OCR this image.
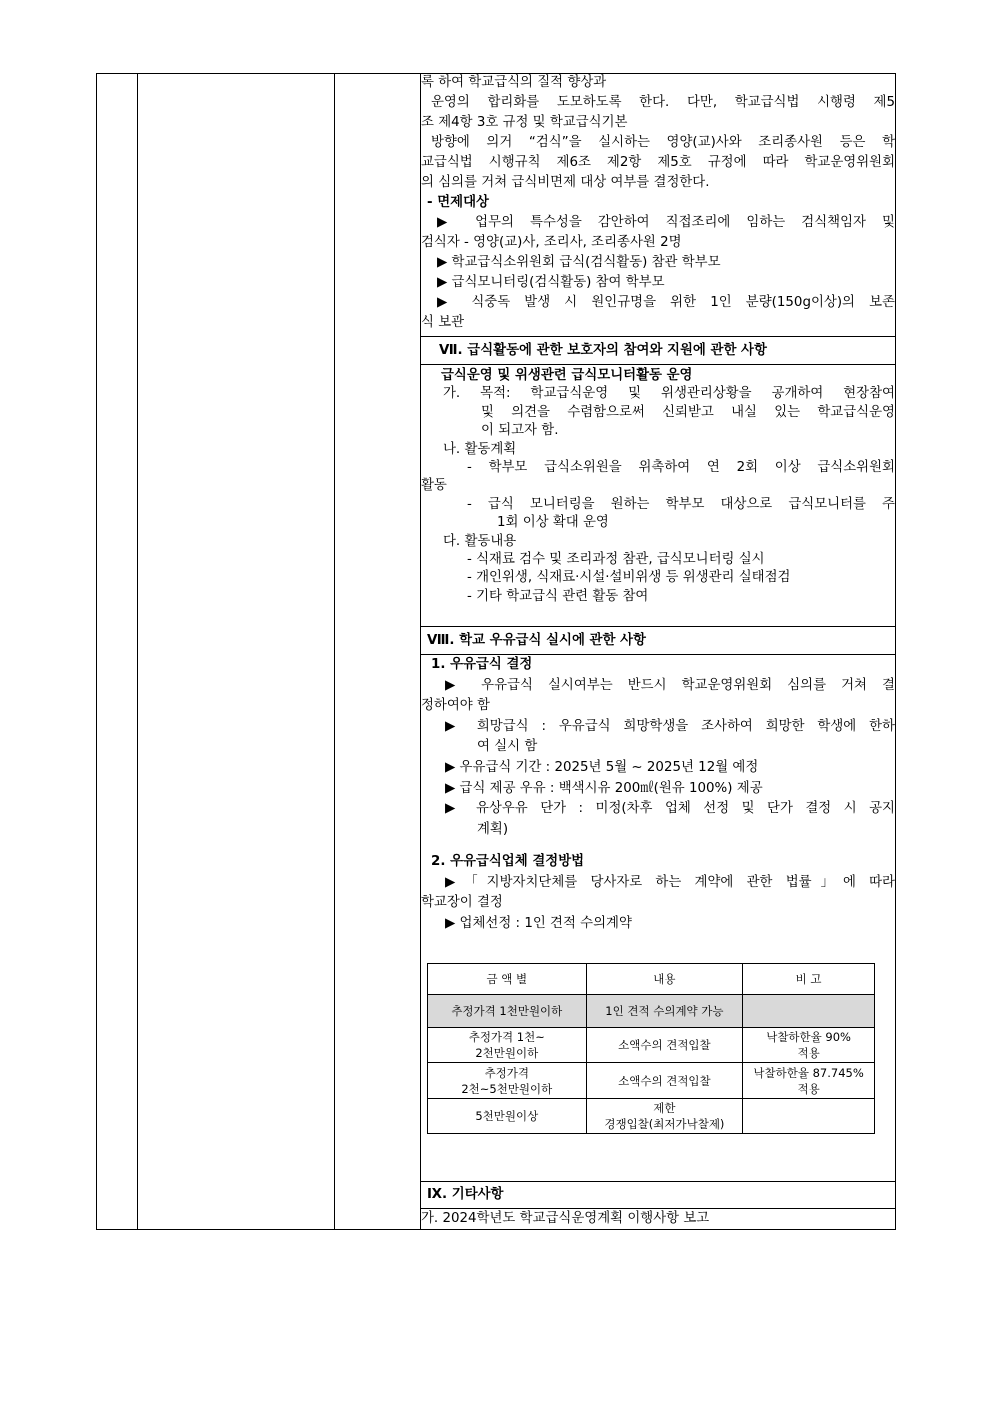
록 하여 학교급식의 질적 향상과

운영의 합리화를 도모하도록 한다. 다만, 학교급식법 시행령 제5

조 제4항 3호 규정 및 학교급식기본

방향에 의거 “검식”을 실시하는 영양(교)사와 조리종사원 등은 학

교급식법 시행규칙 제6조 제2항 제5호 규정에 따라 학교운영위원회

의 심의를 거쳐 급식비면제 대상 여부를 결정한다.

- 면제대상

▶ 업무의 특수성을 감안하여 직접조리에 임하는 검식책임자 및

검식자 - 영양(교)사, 조리사, 조리종사원 2명

▶ 학교급식소위원회 급식(검식활동) 참관 학부모

▶ 급식모니터링(검식활동) 참여 학부모

▶ 식중독 발생 시 원인규명을 위한 1인 분량(150g이상)의 보존

식 보관

Ⅶ. 급식활동에 관한 보호자의 참여와 지원에 관한 사항

급식운영 및 위생관련 급식모니터활동 운영

가. 목적: 학교급식운영 및 위생관리상황을 공개하여 현장참여

및 의견을 수렴함으로써 신뢰받고 내실 있는 학교급식운영

이 되고자 함.

나. 활동계획

- 학부모 급식소위원을 위촉하여 연 2회 이상 급식소위원회

활동

- 급식 모니터링을 원하는 학부모 대상으로 급식모니터를 주

1회 이상 확대 운영

다. 활동내용

- 식재료 검수 및 조리과정 참관, 급식모니터링 실시

- 개인위생, 식재료·시설·설비위생 등 위생관리 실태점검

- 기타 학교급식 관련 활동 참여

Ⅷ. 학교 우유급식 실시에 관한 사항

1. 우유급식 결정

▶ 우유급식 실시여부는 반드시 학교운영위원회 심의를 거쳐 결

정하여야 함

▶ 희망급식 : 우유급식 희망학생을 조사하여 희망한 학생에 한하

여 실시 함

▶ 우유급식 기간 : 2025년 5월 ~ 2025년 12월 예정

▶ 급식 제공 우유 : 백색시유 200㎖(원유 100%) 제공

▶ 유상우유 단가 : 미정(차후 업체 선정 및 단가 결정 시 공지

계획)

2. 우유급식업체 결정방법

▶「지방자치단체를 당사자로 하는 계약에 관한 법률」에 따라

학교장이 결정

▶ 업체선정 : 1인 견적 수의계약

금 액 별	내용	비 고
추정가격 1천만원이하	1인 견적 수의계약 가능	
추정가격 1천~
2천만원이하	소액수의 견적입찰	낙찰하한율 90%
적용
추정가격
2천~5천만원이하	소액수의 견적입찰	낙찰하한율 87.745%
적용
5천만원이상	제한
경쟁입찰(최저가낙찰제)	
Ⅸ. 기타사항

가. 2024학년도 학교급식운영계획 이행사항 보고
